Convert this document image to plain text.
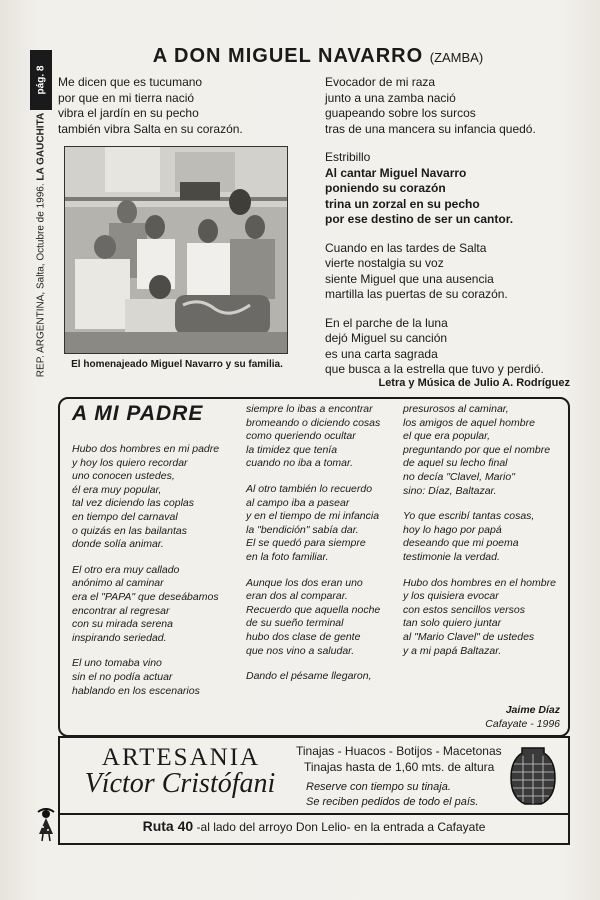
pág. 8
REP. ARGENTINA, Salta, Octubre de 1996. LA GAUCHITA
A DON MIGUEL NAVARRO (ZAMBA)
Me dicen que es tucumano
por que en mi tierra nació
vibra el jardín en su pecho
también vibra Salta en su corazón.

Evocador de mi raza
junto a una zamba nació
guapeando sobre los surcos
tras de una mancera su infancia quedó.

Estribillo
Al cantar Miguel Navarro
poniendo su corazón
trina un zorzal en su pecho
por ese destino de ser un cantor.

Cuando en las tardes de Salta
vierte nostalgia su voz
siente Miguel que una ausencia
martilla las puertas de su corazón.

En el parche de la luna
dejó Miguel su canción
es una carta sagrada
que busca a la estrella que tuvo y perdió.

El homenajeado Miguel Navarro y su familia.
Letra y Música de Julio A. Rodríguez
A MI PADRE
Hubo dos hombres en mi padre
y hoy los quiero recordar
uno conocen ustedes,
él era muy popular,
tal vez diciendo las coplas
en tiempo del carnaval
o quizás en las bailantas
donde solía animar.
El otro era muy callado
anónimo al caminar
era el "PAPA" que deseábamos
encontrar al regresar
con su mirada serena
inspirando seriedad.
El uno tomaba vino
sin el no podía actuar
hablando en los escenarios
siempre lo ibas a encontrar
bromeando o diciendo cosas
como queriendo ocultar
la timidez que tenía
cuando no iba a tomar.
Al otro también lo recuerdo
al campo iba a pasear
y en el tiempo de mi infancia
la "bendición" sabía dar.
El se quedó para siempre
en la foto familiar.
Aunque los dos eran uno
eran dos al comparar.
Recuerdo que aquella noche
de su sueño terminal
hubo dos clase de gente
que nos vino a saludar.
Dando el pésame llegaron,
presurosos al caminar,
los amigos de aquel hombre
el que era popular,
preguntando por que el nombre
de aquel su lecho final
no decía "Clavel, Mario"
sino: Díaz, Baltazar.
Yo que escribí tantas cosas,
hoy lo hago por papá
deseando que mi poema
testimonie la verdad.
Hubo dos hombres en el hombre
y los quisiera evocar
con estos sencillos versos
tan solo quiero juntar
al "Mario Clavel" de ustedes
y a mi papá Baltazar.
Jaime Díaz
Cafayate - 1996
ARTESANIA
Víctor Cristófani
Tinajas - Huacos - Botijos - Macetonas
Tinajas hasta de 1,60 mts. de altura
Reserve con tiempo su tinaja.
Se reciben pedidos de todo el país.
Ruta 40 -al lado del arroyo Don Lelio- en la entrada a Cafayate
